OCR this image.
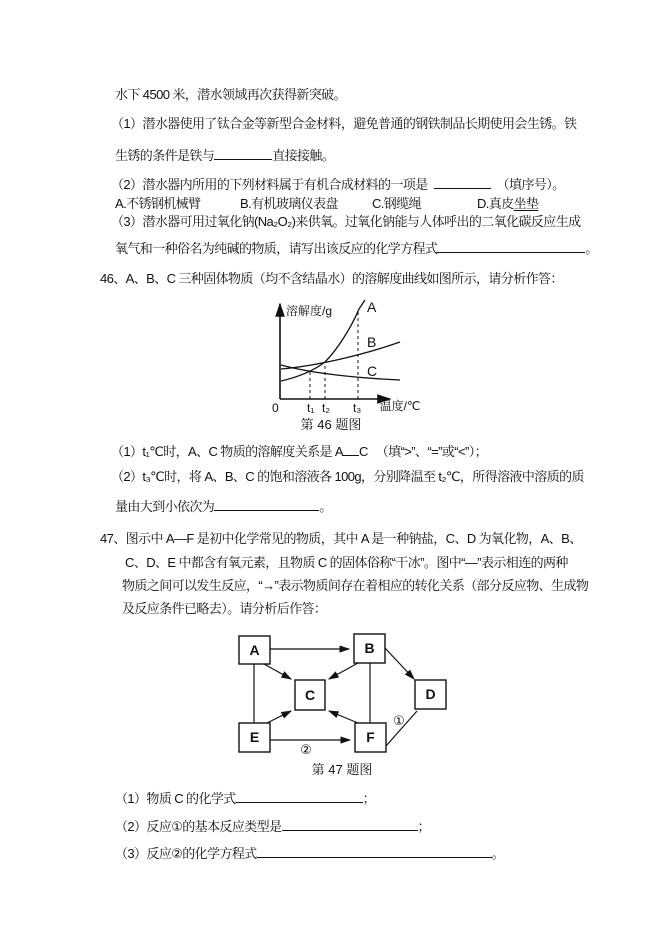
水下 4500 米，潜水领域再次获得新突破。
（1）潜水器使用了钛合金等新型合金材料，避免普通的钢铁制品长期使用会生锈。铁
生锈的条件是铁与	直接接触。
（2）潜水器内所用的下列材料属于有机合成材料的一项是	（填序号）。
A.不锈钢机械臂	B.有机玻璃仪表盘	C.钢缆绳	D.真皮坐垫
（3）潜水器可用过氧化钠(Na₂O₂)来供氧。过氧化钠能与人体呼出的二氧化碳反应生成
氧气和一种俗名为纯碱的物质，请写出该反应的化学方程式	。
46、A、B、C 三种固体物质（均不含结晶水）的溶解度曲线如图所示，请分析作答：
溶解度/g
温度/℃
A
B
C
0 t₁ t₂ t₃
第 46 题图
（1）t₁℃时，A、C 物质的溶解度关系是 A C （填“>”、“=”或“<”）；
（2）t₃℃时，将 A、B、C 的饱和溶液各 100g，分别降温至 t₂℃，所得溶液中溶质的质
量由大到小依次为	。
47、图示中 A—F 是初中化学常见的物质，其中 A 是一种钠盐，C、D 为氧化物，A、B、
C、D、E 中都含有氧元素，且物质 C 的固体俗称“干冰”。图中“—”表示相连的两种
物质之间可以发生反应，“→”表示物质间存在着相应的转化关系（部分反应物、生成物
及反应条件已略去）。请分析后作答：
A	B
C	D
E	F
①
②
第 47 题图
（1）物质 C 的化学式	；
（2）反应①的基本反应类型是	；
（3）反应②的化学方程式	。
